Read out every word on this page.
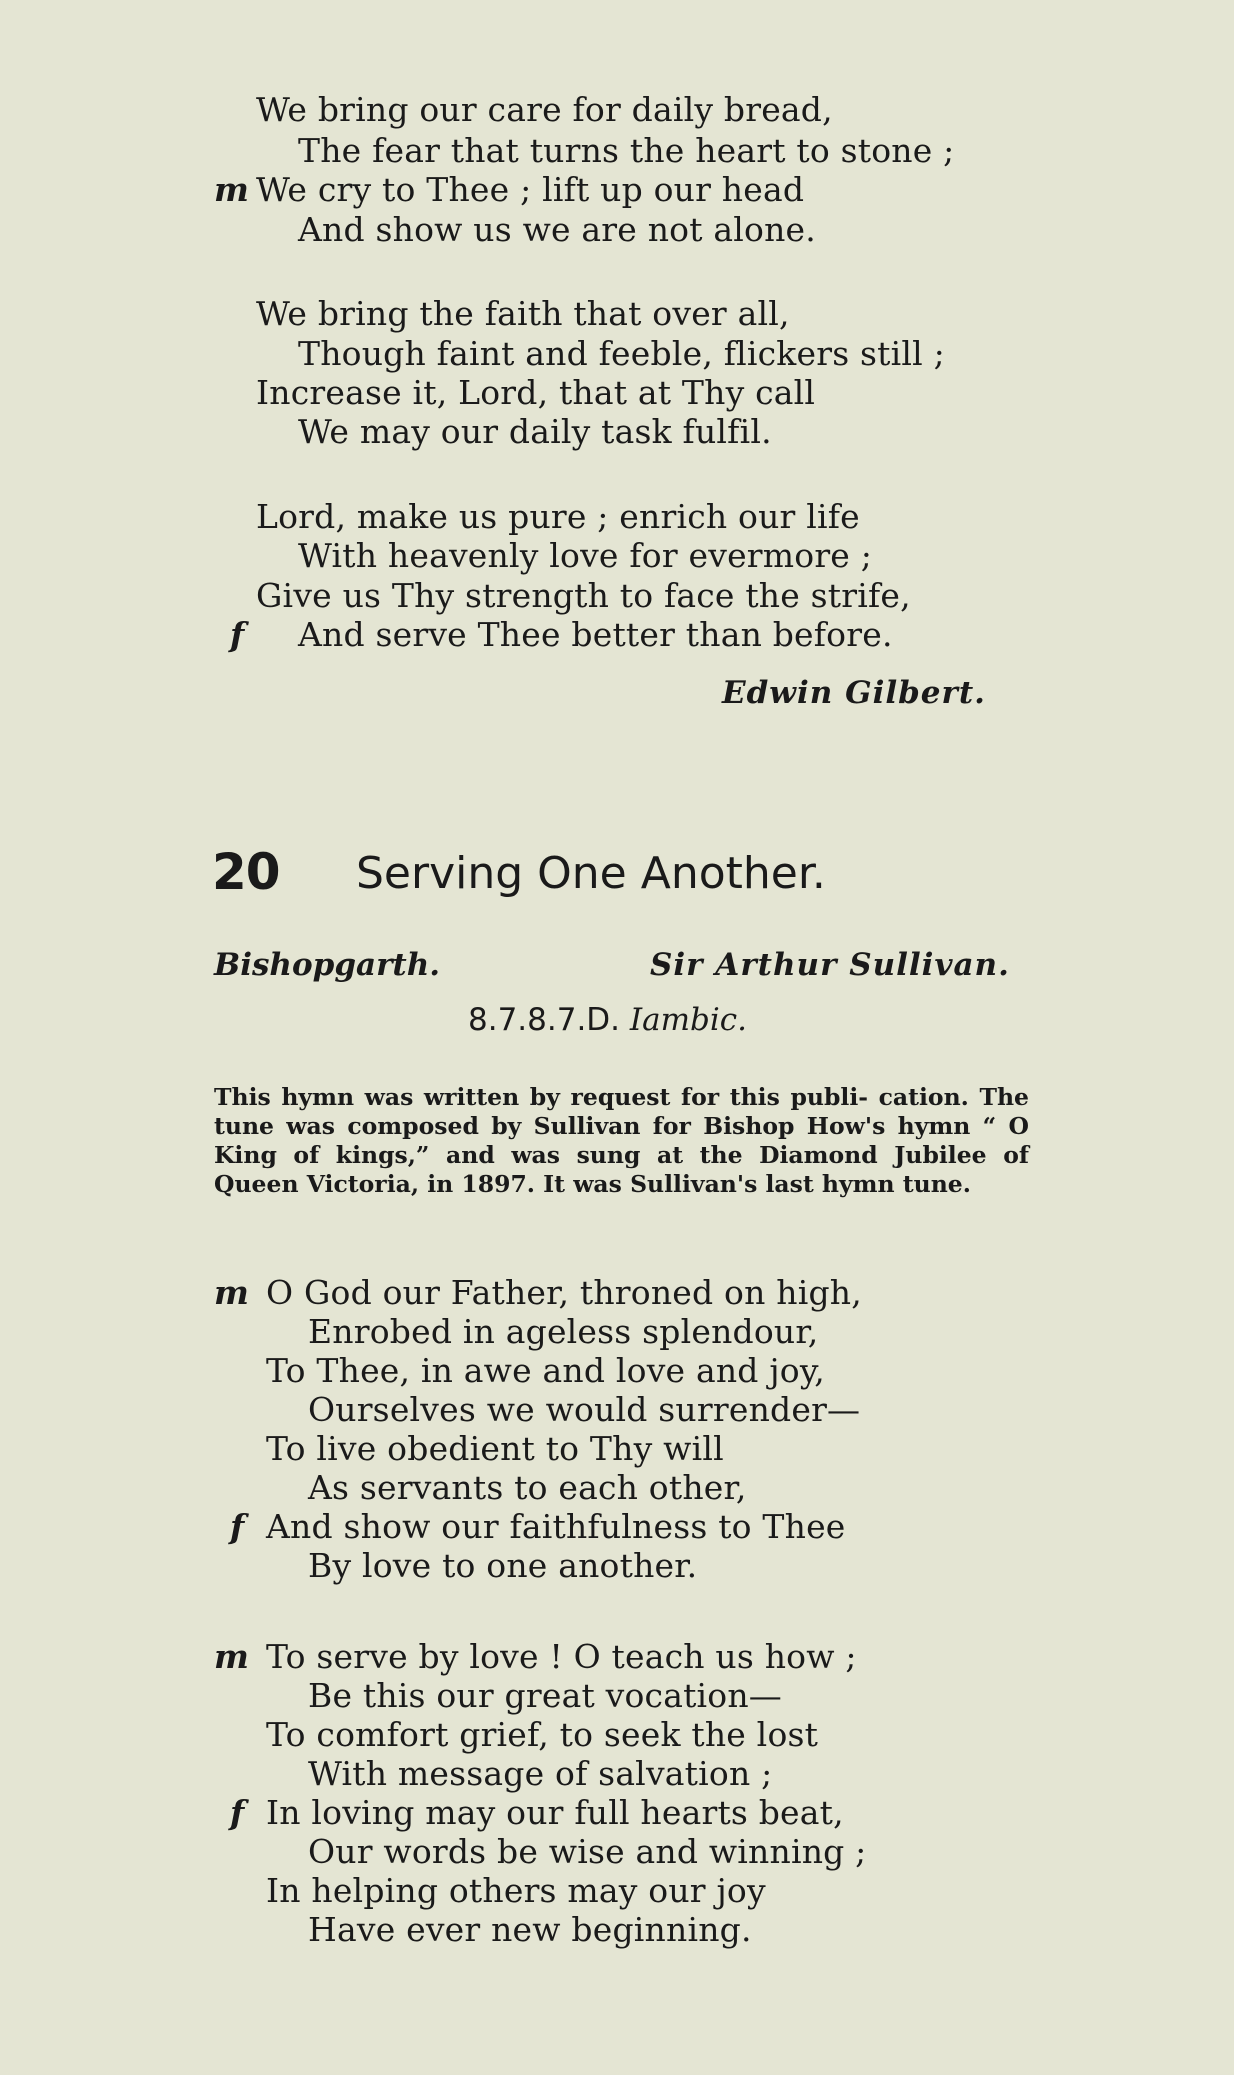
We bring our care for daily bread,
The fear that turns the heart to stone ;
m We cry to Thee ; lift up our head
And show us we are not alone.
We bring the faith that over all,
Though faint and feeble, flickers still ;
Increase it, Lord, that at Thy call
We may our daily task fulfil.
Lord, make us pure ; enrich our life
With heavenly love for evermore ;
Give us Thy strength to face the strife,
f And serve Thee better than before.
Edwin Gilbert.
20 Serving One Another.
Bishopgarth.	Sir Arthur Sullivan.
8.7.8.7.D. Iambic.
This hymn was written by request for this publi- cation. The tune was composed by Sullivan for Bishop How's hymn “ O King of kings,” and was sung at the Diamond Jubilee of Queen Victoria, in 1897. It was Sullivan's last hymn tune.
m O God our Father, throned on high,
Enrobed in ageless splendour,
To Thee, in awe and love and joy,
Ourselves we would surrender—
To live obedient to Thy will
As servants to each other,
f And show our faithfulness to Thee
By love to one another.
m To serve by love ! O teach us how ;
Be this our great vocation—
To comfort grief, to seek the lost
With message of salvation ;
f In loving may our full hearts beat,
Our words be wise and winning ;
In helping others may our joy
Have ever new beginning.
